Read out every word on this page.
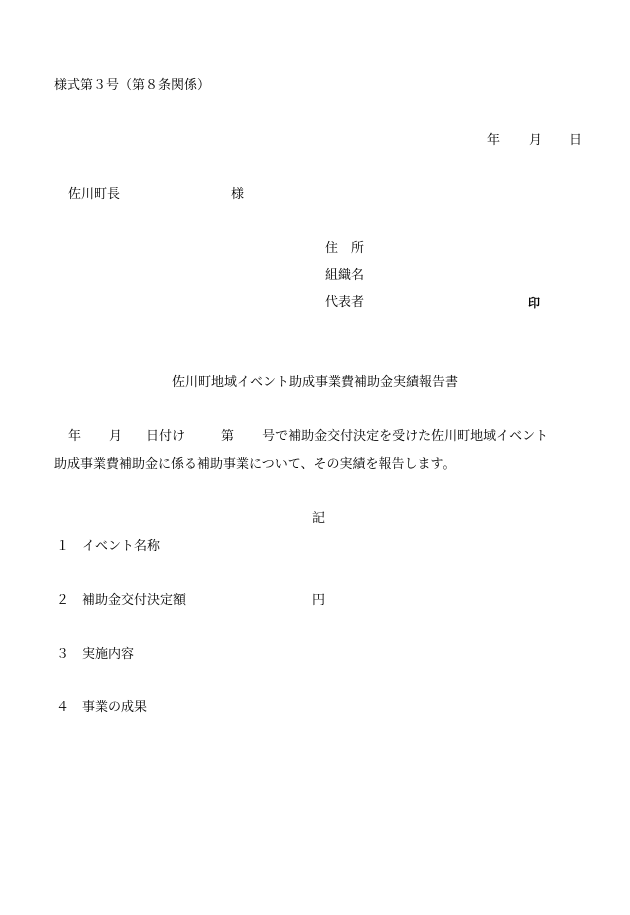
様式第３号（第８条関係）
年 月 日
佐川町長	様
住　所
組織名
代表者	印
佐川町地域イベント助成事業費補助金実績報告書
年 月 日付け	第 号で補助金交付決定を受けた佐川町地域イベント
助成事業費補助金に係る補助事業について、その実績を報告します。
記
１ イベント名称
２ 補助金交付決定額	円
３ 実施内容
４ 事業の成果
